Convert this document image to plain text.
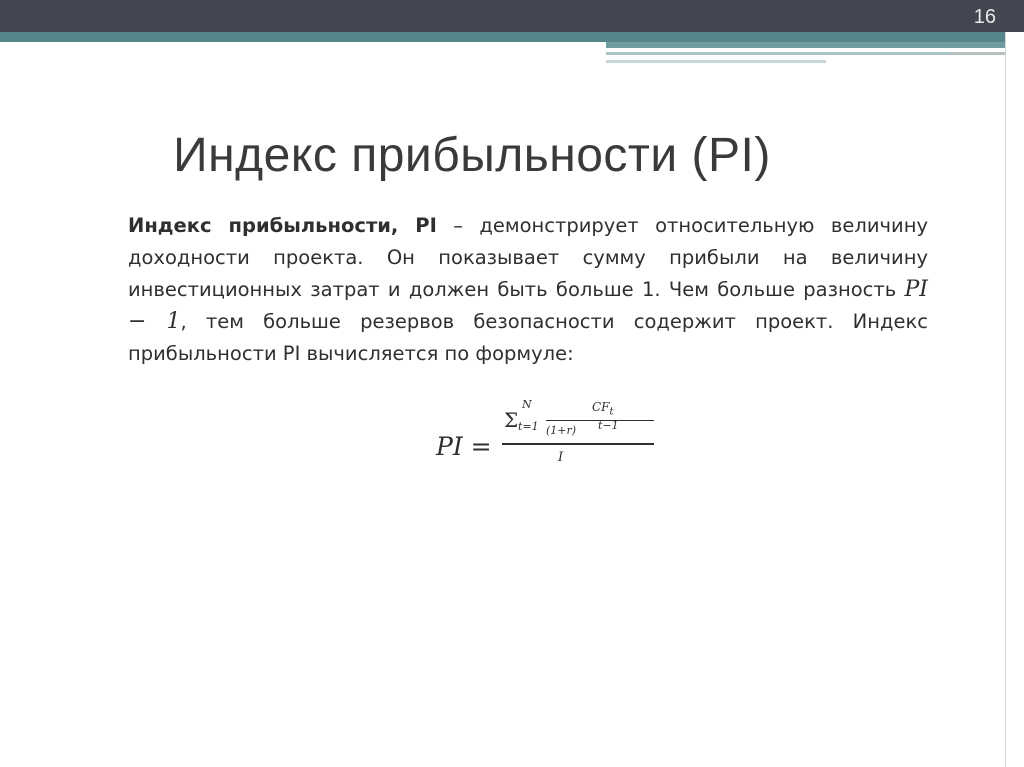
16
Индекс прибыльности (PI)
Индекс прибыльности, PI – демонстрирует относительную величину доходности проекта. Он показывает сумму прибыли на величину инвестиционных затрат и должен быть больше 1. Чем больше разность PI − 1, тем больше резервов безопасности содержит проект. Индекс прибыльности PI вычисляется по формуле:
PI =
Σ
N
t=1
$CF_t$
(1+r) t−1
I
